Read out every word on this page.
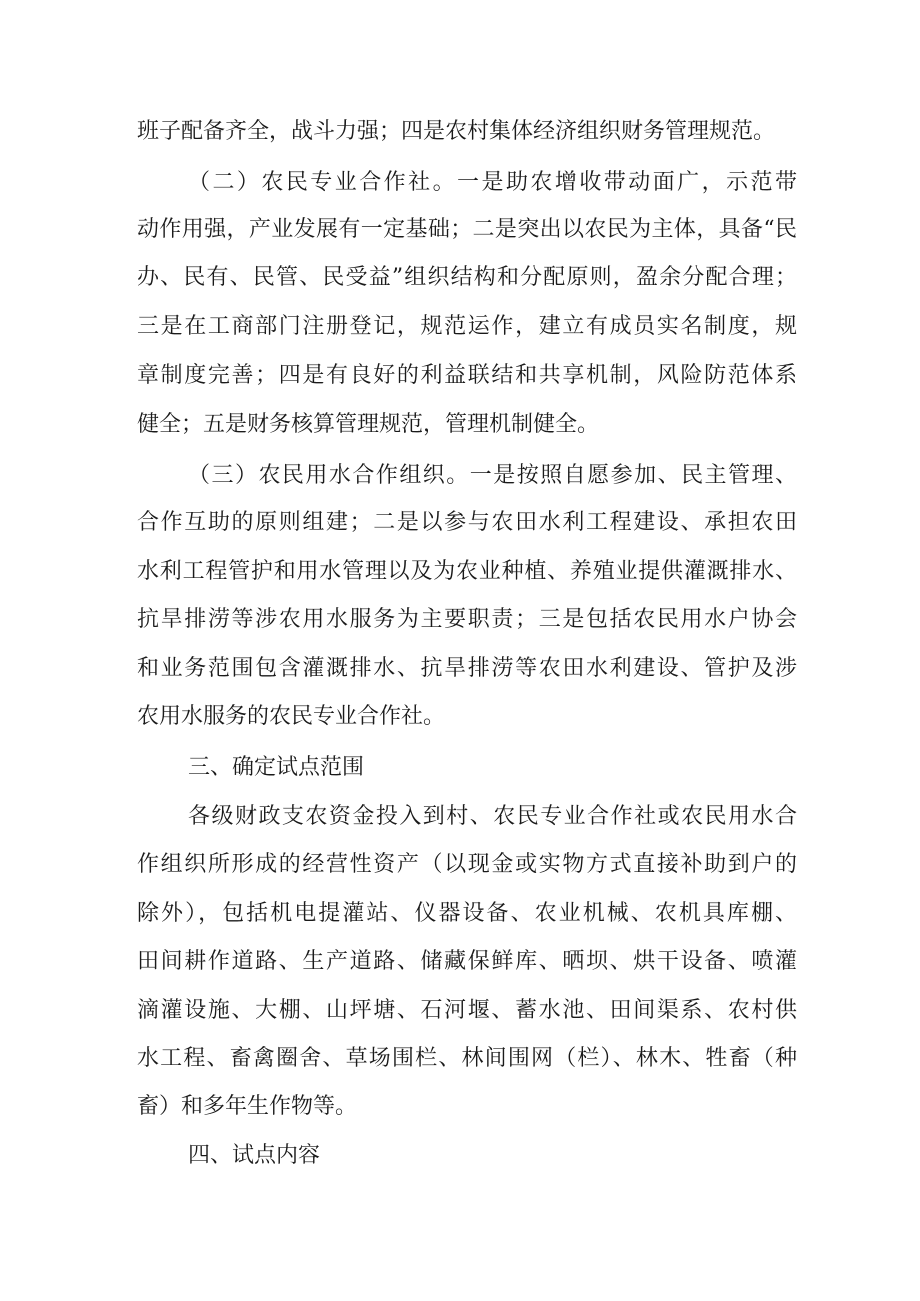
班子配备齐全，战斗力强；四是农村集体经济组织财务管理规范。
（二）农民专业合作社。一是助农增收带动面广，示范带
动作用强，产业发展有一定基础；二是突出以农民为主体，具备“民
办、民有、民管、民受益”组织结构和分配原则，盈余分配合理；
三是在工商部门注册登记，规范运作，建立有成员实名制度，规
章制度完善；四是有良好的利益联结和共享机制，风险防范体系
健全；五是财务核算管理规范，管理机制健全。
（三）农民用水合作组织。一是按照自愿参加、民主管理、
合作互助的原则组建；二是以参与农田水利工程建设、承担农田
水利工程管护和用水管理以及为农业种植、养殖业提供灌溉排水、
抗旱排涝等涉农用水服务为主要职责；三是包括农民用水户协会
和业务范围包含灌溉排水、抗旱排涝等农田水利建设、管护及涉
农用水服务的农民专业合作社。
三、确定试点范围
各级财政支农资金投入到村、农民专业合作社或农民用水合
作组织所形成的经营性资产（以现金或实物方式直接补助到户的
除外），包括机电提灌站、仪器设备、农业机械、农机具库棚、
田间耕作道路、生产道路、储藏保鲜库、晒坝、烘干设备、喷灌
滴灌设施、大棚、山坪塘、石河堰、蓄水池、田间渠系、农村供
水工程、畜禽圈舍、草场围栏、林间围网（栏）、林木、牲畜（种
畜）和多年生作物等。
四、试点内容
